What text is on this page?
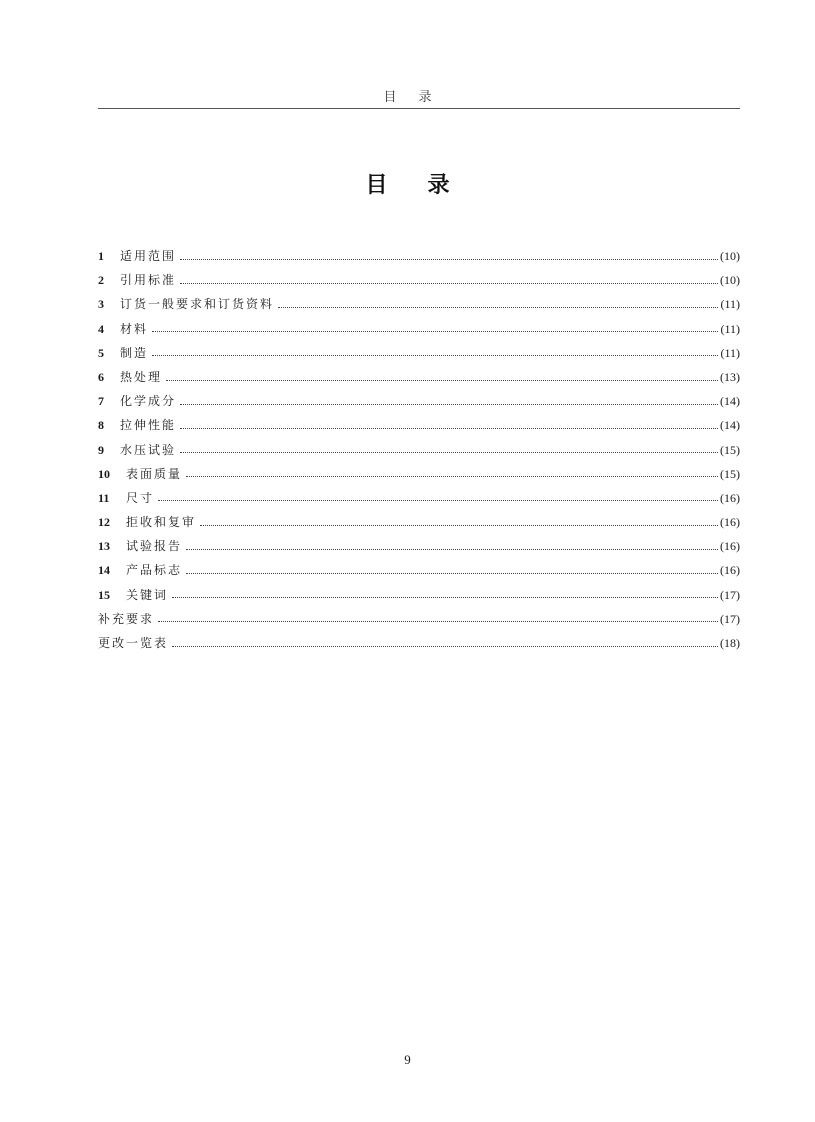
目录
目录
1	适用范围	(10)
2	引用标准	(10)
3	订货一般要求和订货资料	(11)
4	材料	(11)
5	制造	(11)
6	热处理	(13)
7	化学成分	(14)
8	拉伸性能	(14)
9	水压试验	(15)
10	表面质量	(15)
11	尺寸	(16)
12	拒收和复审	(16)
13	试验报告	(16)
14	产品标志	(16)
15	关键词	(17)
补充要求	(17)
更改一览表	(18)
9
